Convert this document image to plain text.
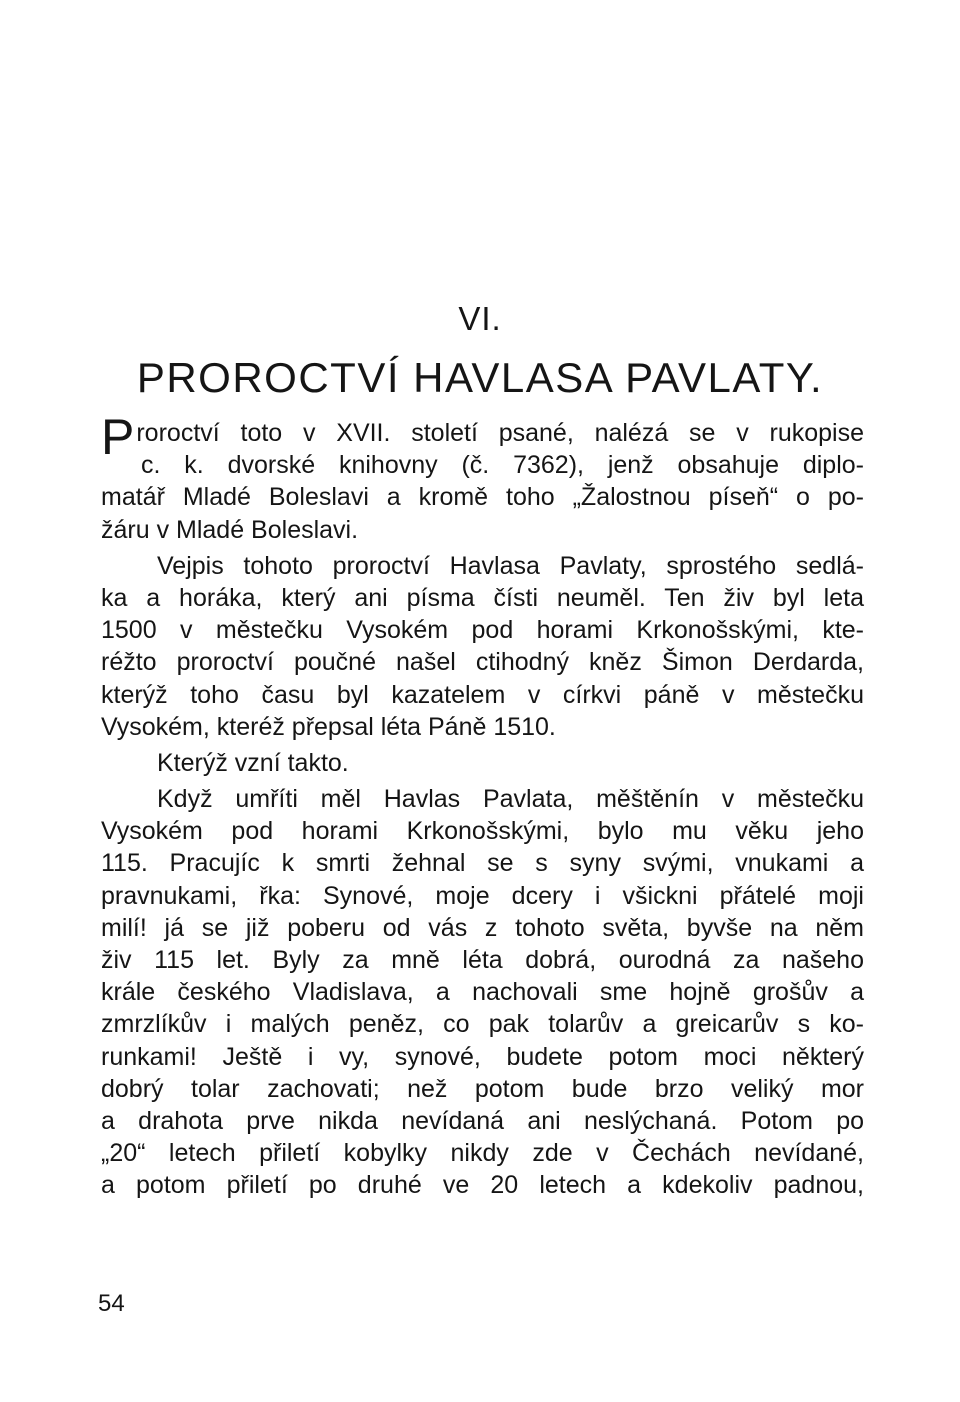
VI.
PROROCTVÍ HAVLASA PAVLATY.
Proroctví toto v XVII. století psané, nalézá se v rukopise
c. k. dvorské knihovny (č. 7362), jenž obsahuje diplo-
matář Mladé Boleslavi a kromě toho „Žalostnou píseň“ o po-
žáru v Mladé Boleslavi.
Vejpis tohoto proroctví Havlasa Pavlaty, sprostého sedlá-
ka a horáka, který ani písma čísti neuměl. Ten živ byl leta
1500 v městečku Vysokém pod horami Krkonošskými, kte-
réžto proroctví poučné našel ctihodný kněz Šimon Derdarda,
kterýž toho času byl kazatelem v církvi páně v městečku
Vysokém, kteréž přepsal léta Páně 1510.
Kterýž vzní takto.
Když umříti měl Havlas Pavlata, měštěnín v městečku
Vysokém pod horami Krkonošskými, bylo mu věku jeho
115. Pracujíc k smrti žehnal se s syny svými, vnukami a
pravnukami, řka: Synové, moje dcery i všickni přátelé moji
milí! já se již poberu od vás z tohoto světa, byvše na něm
živ 115 let. Byly za mně léta dobrá, ourodná za našeho
krále českého Vladislava, a nachovali sme hojně grošův a
zmrzlíkův i malých peněz, co pak tolarův a greicarův s ko-
runkami! Ještě i vy, synové, budete potom moci některý
dobrý tolar zachovati; než potom bude brzo veliký mor
a drahota prve nikda nevídaná ani neslýchaná. Potom po
„20“ letech přiletí kobylky nikdy zde v Čechách nevídané,
a potom přiletí po druhé ve 20 letech a kdekoliv padnou,
54
